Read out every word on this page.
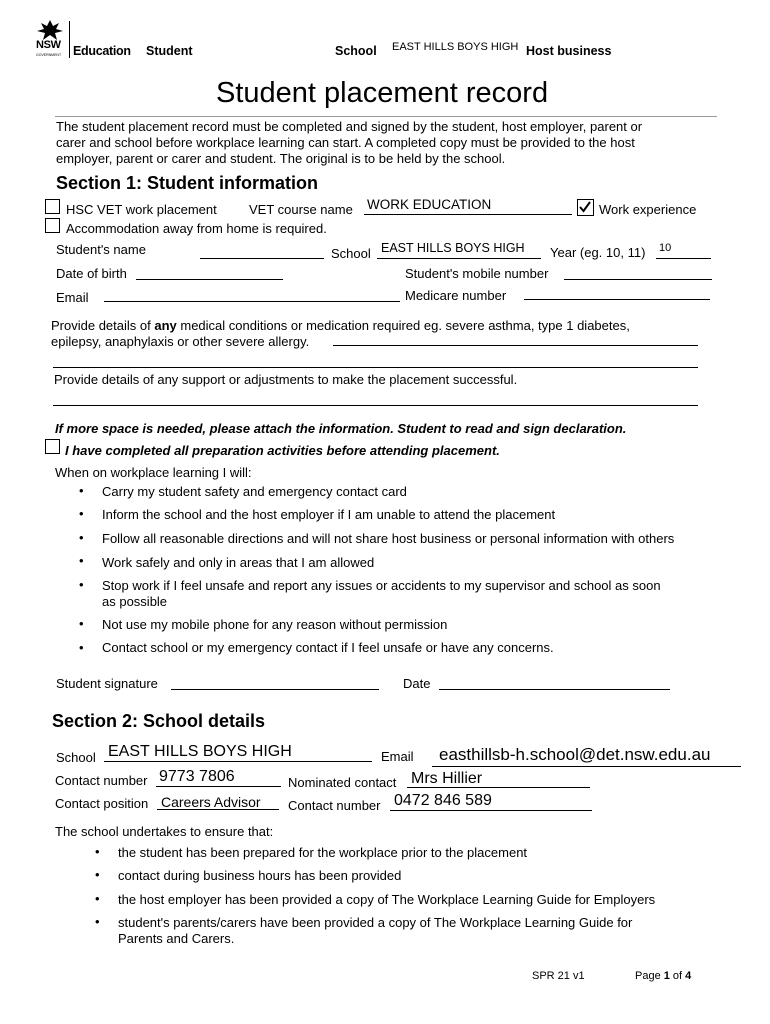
NSW
GOVERNMENT Education Student	School EAST HILLS BOYS HIGH Host business
Student placement record
The student placement record must be completed and signed by the student, host employer, parent or
carer and school before workplace learning can start. A completed copy must be provided to the host
employer, parent or carer and student. The original is to be held by the school.
Section 1: Student information
HSC VET work placement VET course name WORK EDUCATION	Work experience
Accommodation away from home is required.
Student's name	School EAST HILLS BOYS HIGH Year (eg. 10, 11) 10
Date of birth	Student's mobile number
Email	Medicare number
Provide details of any medical conditions or medication required eg. severe asthma, type 1 diabetes,
epilepsy, anaphylaxis or other severe allergy.
Provide details of any support or adjustments to make the placement successful.
If more space is needed, please attach the information. Student to read and sign declaration.
I have completed all preparation activities before attending placement.
When on workplace learning I will:
• Carry my student safety and emergency contact card
• Inform the school and the host employer if I am unable to attend the placement
• Follow all reasonable directions and will not share host business or personal information with others
• Work safely and only in areas that I am allowed
• Stop work if I feel unsafe and report any issues or accidents to my supervisor and school as soon
as possible
• Not use my mobile phone for any reason without permission
• Contact school or my emergency contact if I feel unsafe or have any concerns.
Student signature	Date
Section 2: School details
School EAST HILLS BOYS HIGH	Email easthillsb-h.school@det.nsw.edu.au
Contact number 9773 7806	Nominated contact Mrs Hillier
Contact position Careers Advisor Contact number 0472 846 589
The school undertakes to ensure that:
• the student has been prepared for the workplace prior to the placement
• contact during business hours has been provided
• the host employer has been provided a copy of The Workplace Learning Guide for Employers
• student's parents/carers have been provided a copy of The Workplace Learning Guide for
Parents and Carers.
SPR 21 v1	Page 1 of 4
